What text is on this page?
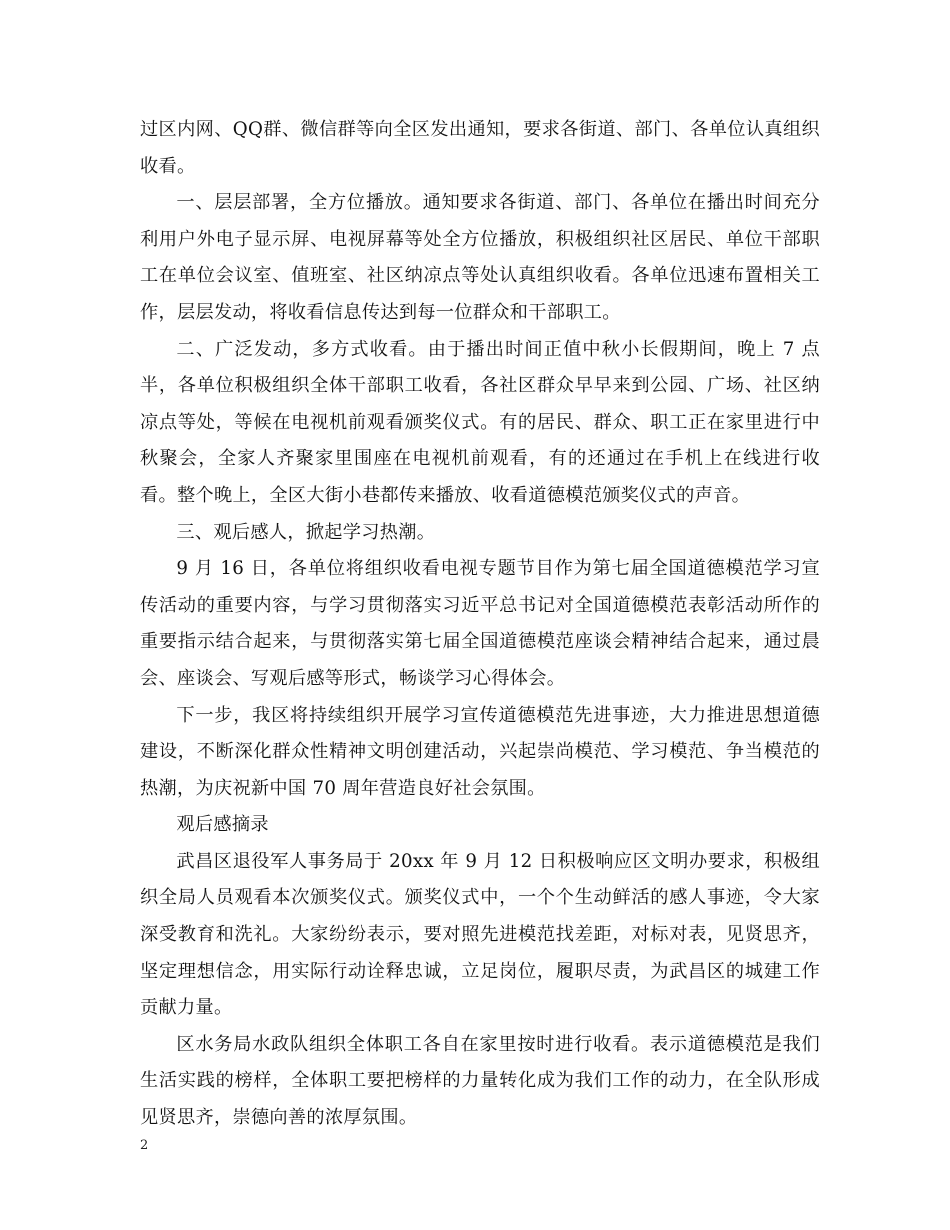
过区内网、QQ群、微信群等向全区发出通知，要求各街道、部门、各单位认真组织收看。

一、层层部署，全方位播放。通知要求各街道、部门、各单位在播出时间充分利用户外电子显示屏、电视屏幕等处全方位播放，积极组织社区居民、单位干部职工在单位会议室、值班室、社区纳凉点等处认真组织收看。各单位迅速布置相关工作，层层发动，将收看信息传达到每一位群众和干部职工。

二、广泛发动，多方式收看。由于播出时间正值中秋小长假期间，晚上 7 点半，各单位积极组织全体干部职工收看，各社区群众早早来到公园、广场、社区纳凉点等处，等候在电视机前观看颁奖仪式。有的居民、群众、职工正在家里进行中秋聚会，全家人齐聚家里围座在电视机前观看，有的还通过在手机上在线进行收看。整个晚上，全区大街小巷都传来播放、收看道德模范颁奖仪式的声音。

三、观后感人，掀起学习热潮。

9 月 16 日，各单位将组织收看电视专题节目作为第七届全国道德模范学习宣传活动的重要内容，与学习贯彻落实习近平总书记对全国道德模范表彰活动所作的重要指示结合起来，与贯彻落实第七届全国道德模范座谈会精神结合起来，通过晨会、座谈会、写观后感等形式，畅谈学习心得体会。

下一步，我区将持续组织开展学习宣传道德模范先进事迹，大力推进思想道德建设，不断深化群众性精神文明创建活动，兴起崇尚模范、学习模范、争当模范的热潮，为庆祝新中国 70 周年营造良好社会氛围。

观后感摘录

武昌区退役军人事务局于 20xx 年 9 月 12 日积极响应区文明办要求，积极组织全局人员观看本次颁奖仪式。颁奖仪式中，一个个生动鲜活的感人事迹，令大家深受教育和洗礼。大家纷纷表示，要对照先进模范找差距，对标对表，见贤思齐，坚定理想信念，用实际行动诠释忠诚，立足岗位，履职尽责，为武昌区的城建工作贡献力量。

区水务局水政队组织全体职工各自在家里按时进行收看。表示道德模范是我们生活实践的榜样，全体职工要把榜样的力量转化成为我们工作的动力，在全队形成见贤思齐，崇德向善的浓厚氛围。

2
